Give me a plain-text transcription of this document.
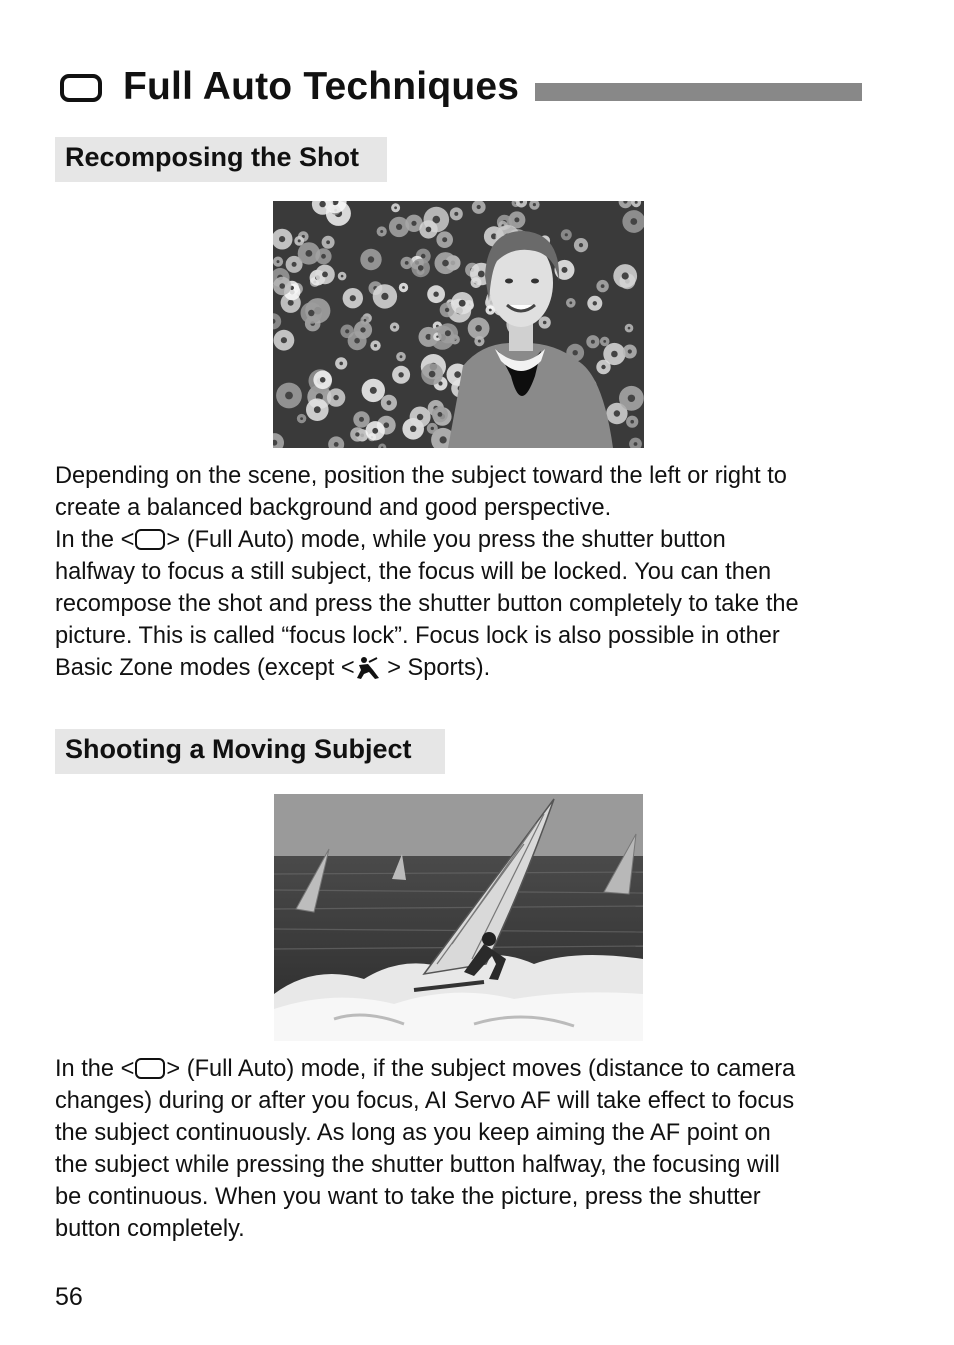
Full Auto Techniques
Recomposing the Shot
Depending on the scene, position the subject toward the left or right to
create a balanced background and good perspective.
In the < > (Full Auto) mode, while you press the shutter button
halfway to focus a still subject, the focus will be locked. You can then
recompose the shot and press the shutter button completely to take the
picture. This is called “focus lock”. Focus lock is also possible in other
Basic Zone modes (except < > Sports).
Shooting a Moving Subject
In the < > (Full Auto) mode, if the subject moves (distance to camera
changes) during or after you focus, AI Servo AF will take effect to focus
the subject continuously. As long as you keep aiming the AF point on
the subject while pressing the shutter button halfway, the focusing will
be continuous. When you want to take the picture, press the shutter
button completely.
56
